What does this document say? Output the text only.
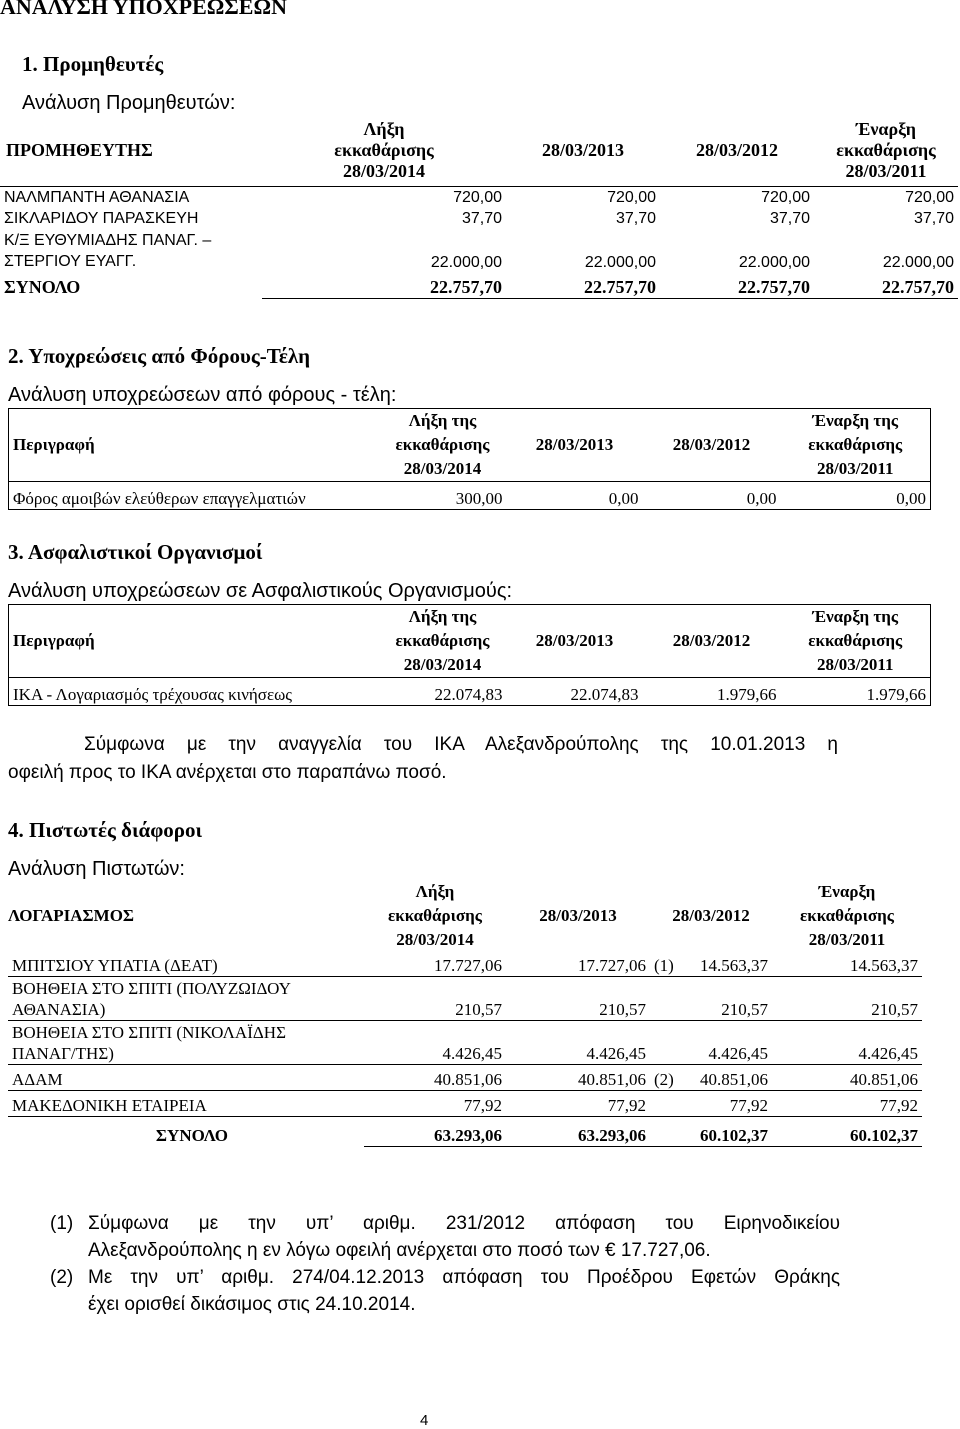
ΑΝΑΛΥΣΗ ΥΠΟΧΡΕΩΣΕΩΝ
1. Προμηθευτές
Ανάλυση Προμηθευτών:
ΠΡΟΜΗΘΕΥΤΗΣ	Λήξη
εκκαθάρισης
28/03/2014	28/03/2013	28/03/2012	Έναρξη
εκκαθάρισης
28/03/2011

ΝΑΛΜΠΑΝΤΗ ΑΘΑΝΑΣΙΑ	720,00	720,00	720,00	720,00
ΣΙΚΛΑΡΙΔΟΥ ΠΑΡΑΣΚΕΥΗ	37,70	37,70	37,70	37,70

Κ/Ξ ΕΥΘΥΜΙΑΔΗΣ ΠΑΝΑΓ. –
ΣΤΕΡΓΙΟΥ ΕΥΑΓΓ.	22.000,00	22.000,00	22.000,00	22.000,00
ΣΥΝΟΛΟ	22.757,70	22.757,70	22.757,70	22.757,70
2. Υποχρεώσεις από Φόρους-Τέλη
Ανάλυση υποχρεώσεων από φόρους - τέλη:
Περιγραφή	Λήξη της
εκκαθάρισης
28/03/2014	28/03/2013	28/03/2012	Έναρξη της
εκκαθάρισης
28/03/2011

Φόρος αμοιβών ελεύθερων επαγγελματιών	300,00	0,00	0,00	0,00
3. Ασφαλιστικοί Οργανισμοί
Ανάλυση υποχρεώσεων σε Ασφαλιστικούς Οργανισμούς:
Περιγραφή	Λήξη της
εκκαθάρισης
28/03/2014	28/03/2013	28/03/2012	Έναρξη της
εκκαθάρισης
28/03/2011

ΙΚΑ - Λογαριασμός τρέχουσας κινήσεως	22.074,83	22.074,83	1.979,66	1.979,66
Σύμφωνα με την αναγγελία του ΙΚΑ Αλεξανδρούπολης της 10.01.2013 η
οφειλή προς το ΙΚΑ ανέρχεται στο παραπάνω ποσό.
4. Πιστωτές διάφοροι
Ανάλυση Πιστωτών:
ΛΟΓΑΡΙΑΣΜΟΣ	Λήξη
εκκαθάρισης
28/03/2014	28/03/2013	28/03/2012		Έναρξη
εκκαθάρισης
28/03/2011

ΜΠΙΤΣΙΟΥ ΥΠΑΤΙΑ (ΔΕΑΤ)	17.727,06	17.727,06	(1)	14.563,37	14.563,37

ΒΟΗΘΕΙΑ ΣΤΟ ΣΠΙΤΙ (ΠΟΛΥΖΩΙΔΟΥ
ΑΘΑΝΑΣΙΑ)	210,57	210,57		210,57	210,57

ΒΟΗΘΕΙΑ ΣΤΟ ΣΠΙΤΙ (ΝΙΚΟΛΑΪΔΗΣ
ΠΑΝΑΓ/ΤΗΣ)	4.426,45	4.426,45		4.426,45	4.426,45
ΑΔΑΜ	40.851,06	40.851,06	(2)	40.851,06	40.851,06
ΜΑΚΕΔΟΝΙΚΗ ΕΤΑΙΡΕΙΑ	77,92	77,92		77,92	77,92
ΣΥΝΟΛΟ	63.293,06	63.293,06	60.102,37		60.102,37
(1) Σύμφωνα με την υπ’ αριθμ. 231/2012 απόφαση του Ειρηνοδικείου
Αλεξανδρούπολης η εν λόγω οφειλή ανέρχεται στο ποσό των € 17.727,06.
(2) Με την υπ’ αριθμ. 274/04.12.2013 απόφαση του Προέδρου Εφετών Θράκης
έχει ορισθεί δικάσιμος στις 24.10.2014.
4
